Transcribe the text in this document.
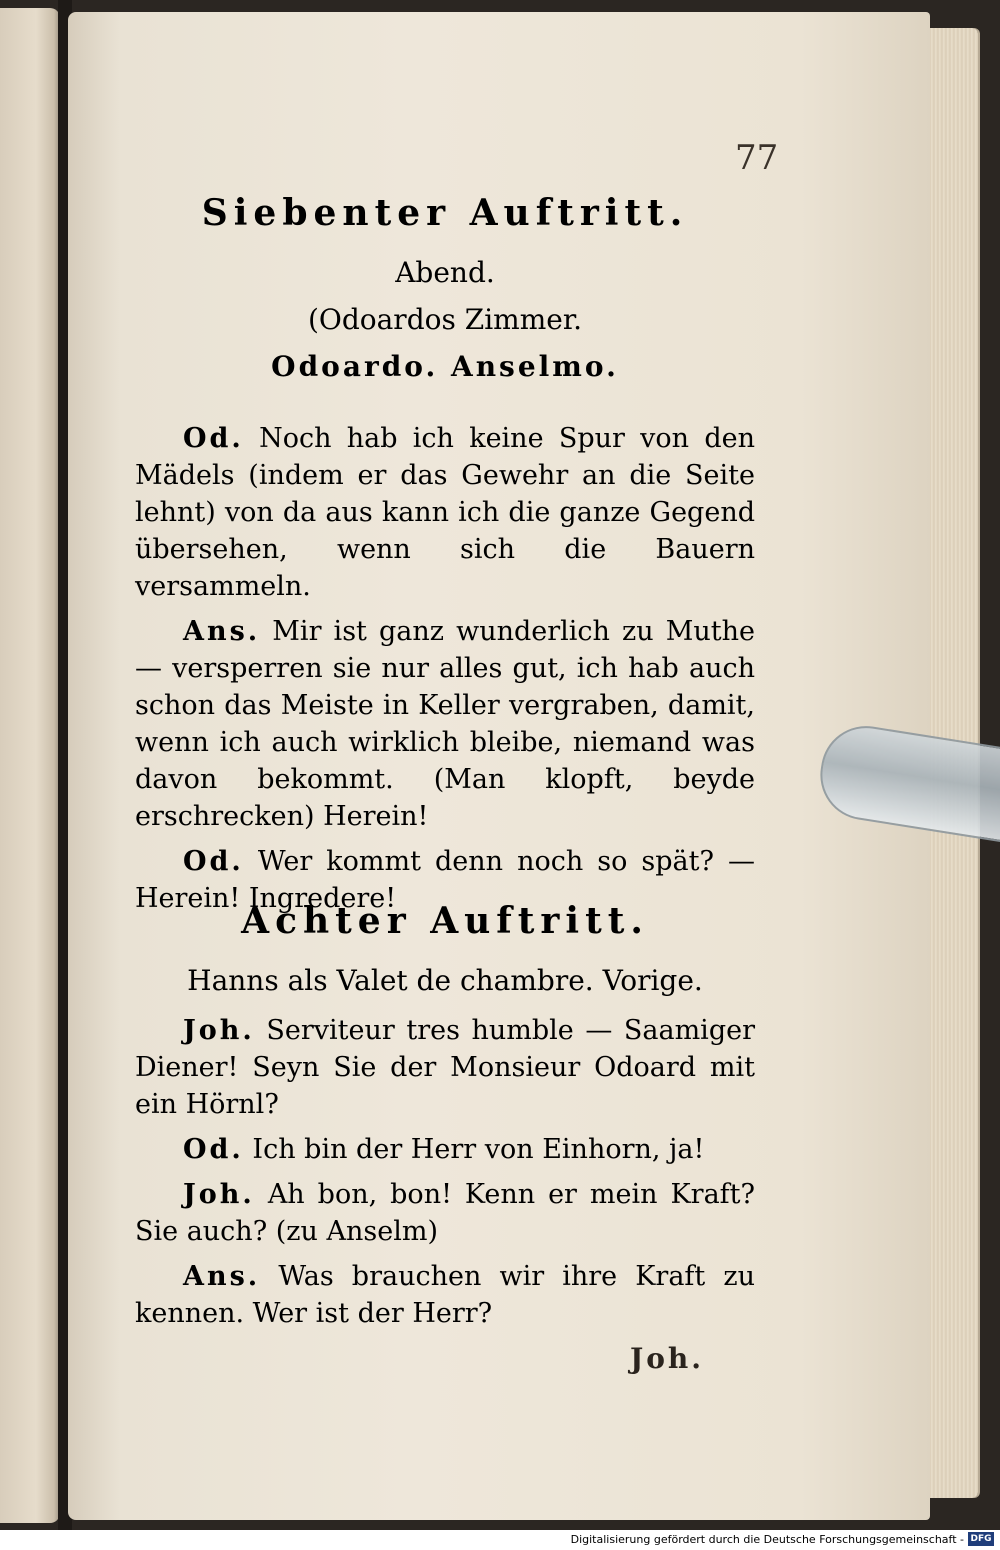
77

Siebenter Auftritt.

Abend.

(Odoardos Zimmer.

Odoardo. Anselmo.

Od. Noch hab ich keine Spur von den Mädels (indem er das Gewehr an die Seite lehnt) von da aus kann ich die ganze Gegend übersehen, wenn sich die Bauern versammeln.

Ans. Mir ist ganz wunderlich zu Muthe — versperren sie nur alles gut, ich hab auch schon das Meiste in Keller vergraben, damit, wenn ich auch wirklich bleibe, niemand was davon bekommt. (Man klopft, beyde erschrecken) Herein!

Od. Wer kommt denn noch so spät? — Herein! Ingredere!

Achter Auftritt.

Hanns als Valet de chambre. Vorige.

Joh. Serviteur tres humble — Saamiger Diener! Seyn Sie der Monsieur Odoard mit ein Hörnl?

Od. Ich bin der Herr von Einhorn, ja!

Joh. Ah bon, bon! Kenn er mein Kraft? Sie auch? (zu Anselm)

Ans. Was brauchen wir ihre Kraft zu kennen. Wer ist der Herr?

Joh.
Digitalisierung gefördert durch die Deutsche Forschungsgemeinschaft - DFG
